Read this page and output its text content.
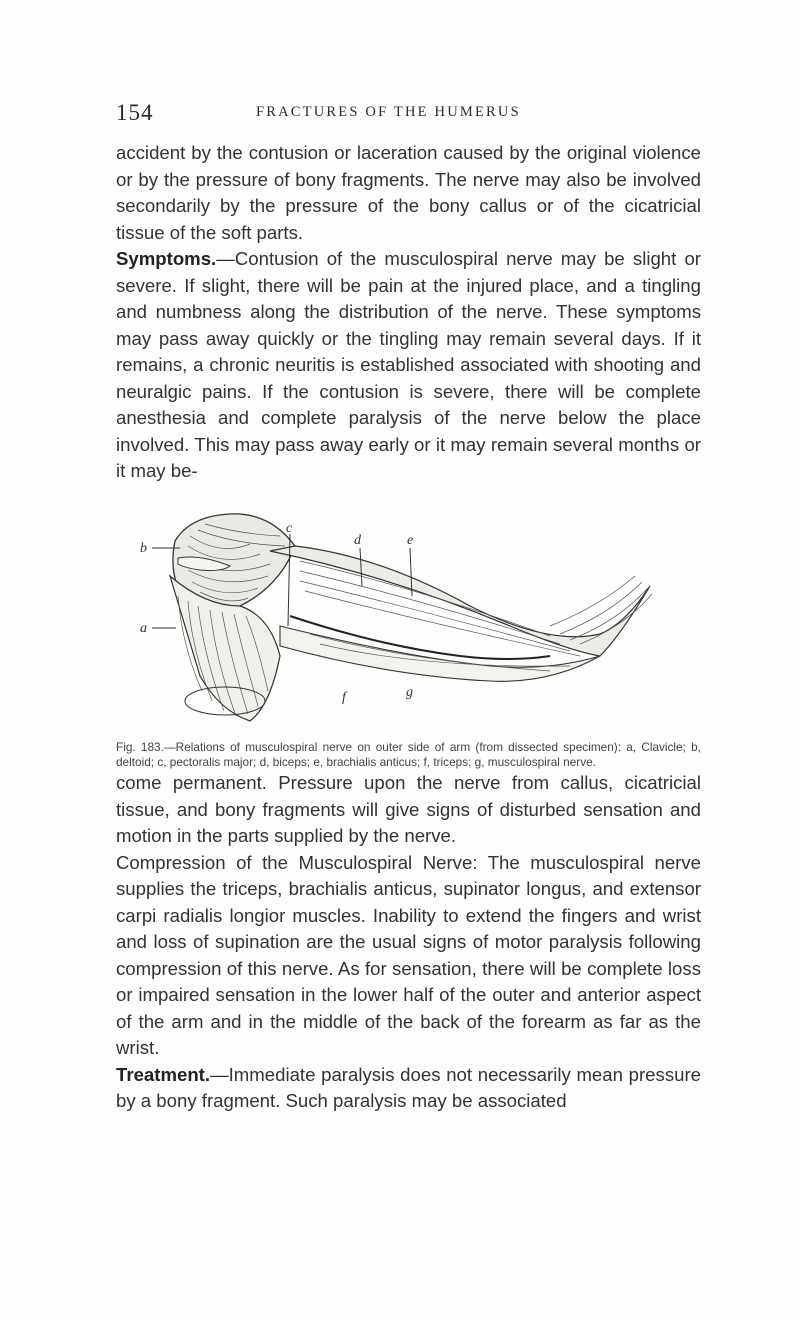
154	FRACTURES OF THE HUMERUS

accident by the contusion or laceration caused by the original violence or by the pressure of bony fragments. The nerve may also be involved secondarily by the pressure of the bony callus or of the cicatricial tissue of the soft parts.

Symptoms.—Contusion of the musculospiral nerve may be slight or severe. If slight, there will be pain at the injured place, and a tingling and numbness along the distribution of the nerve. These symptoms may pass away quickly or the tingling may remain several days. If it remains, a chronic neuritis is established associated with shooting and neuralgic pains. If the contusion is severe, there will be complete anesthesia and complete paralysis of the nerve below the place involved. This may pass away early or it may remain several months or it may be-

b
a
c
d	e
f	g
Fig. 183.—Relations of musculospiral nerve on outer side of arm (from dissected specimen): a, Clavicle; b, deltoid; c, pectoralis major; d, biceps; e, brachialis anticus; f, triceps; g, musculospiral nerve.

come permanent. Pressure upon the nerve from callus, cicatricial tissue, and bony fragments will give signs of disturbed sensation and motion in the parts supplied by the nerve.

Compression of the Musculospiral Nerve: The musculospiral nerve supplies the triceps, brachialis anticus, supinator longus, and extensor carpi radialis longior muscles. Inability to extend the fingers and wrist and loss of supination are the usual signs of motor paralysis following compression of this nerve. As for sensation, there will be complete loss or impaired sensation in the lower half of the outer and anterior aspect of the arm and in the middle of the back of the forearm as far as the wrist.

Treatment.—Immediate paralysis does not necessarily mean pressure by a bony fragment. Such paralysis may be associated
